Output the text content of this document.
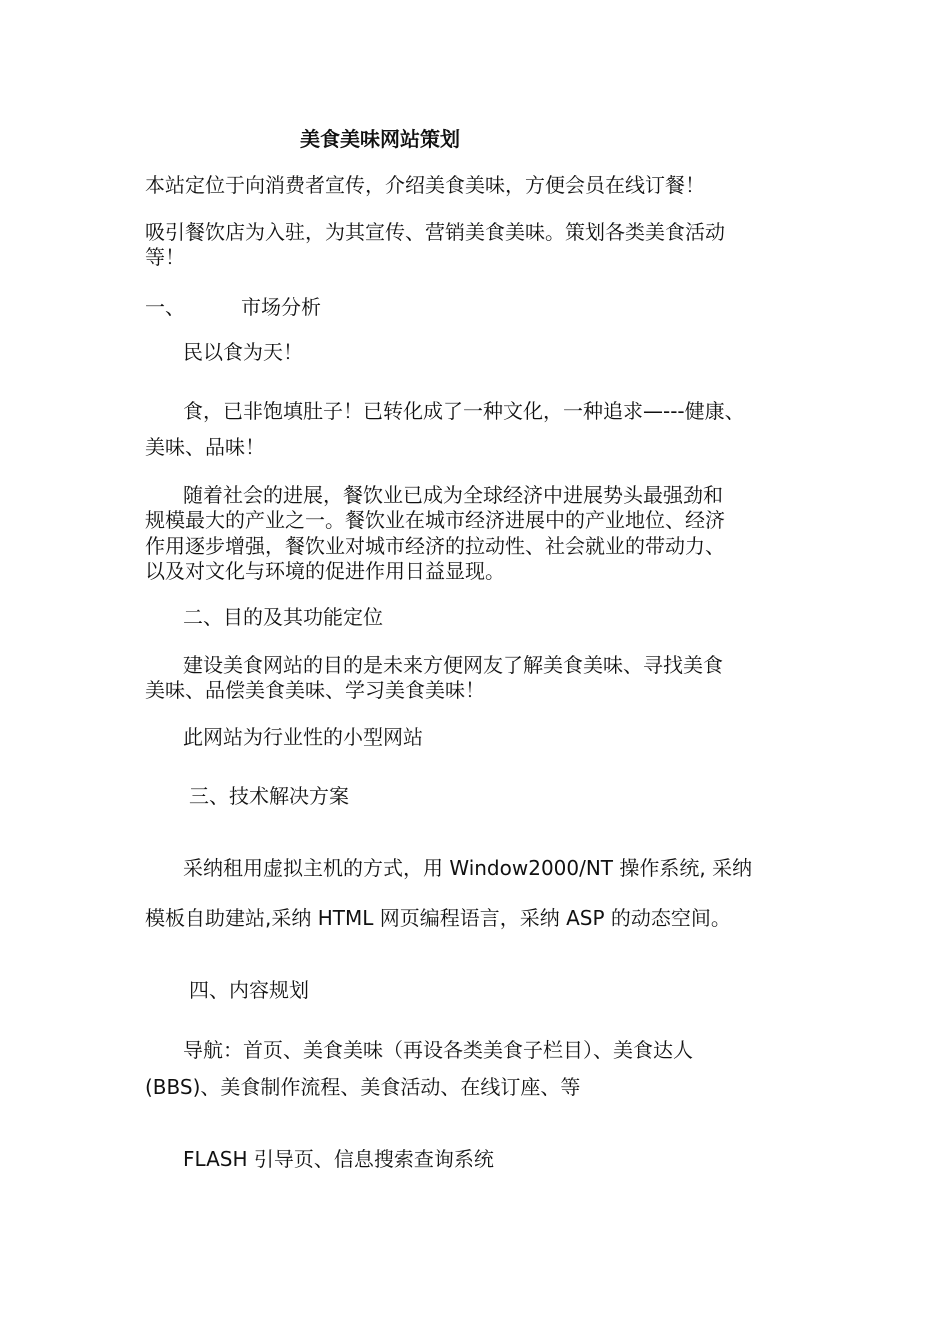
美食美味网站策划
本站定位于向消费者宣传，介绍美食美味，方便会员在线订餐！
吸引餐饮店为入驻，为其宣传、营销美食美味。策划各类美食活动
等！
一、	市场分析
民以食为天！
食，已非饱填肚子！已转化成了一种文化，一种追求—---健康、
美味、品味！
随着社会的进展，餐饮业已成为全球经济中进展势头最强劲和
规模最大的产业之一。餐饮业在城市经济进展中的产业地位、经济
作用逐步增强，餐饮业对城市经济的拉动性、社会就业的带动力、
以及对文化与环境的促进作用日益显现。
二、目的及其功能定位
建设美食网站的目的是未来方便网友了解美食美味、寻找美食
美味、品偿美食美味、学习美食美味！
此网站为行业性的小型网站
三、技术解决方案
采纳租用虚拟主机的方式，用 Window2000/NT 操作系统, 采纳
模板自助建站,采纳 HTML 网页编程语言，采纳 ASP 的动态空间。
四、内容规划
导航：首页、美食美味（再设各类美食子栏目）、美食达人
(BBS)、美食制作流程、美食活动、在线订座、等
FLASH 引导页、信息搜索查询系统
